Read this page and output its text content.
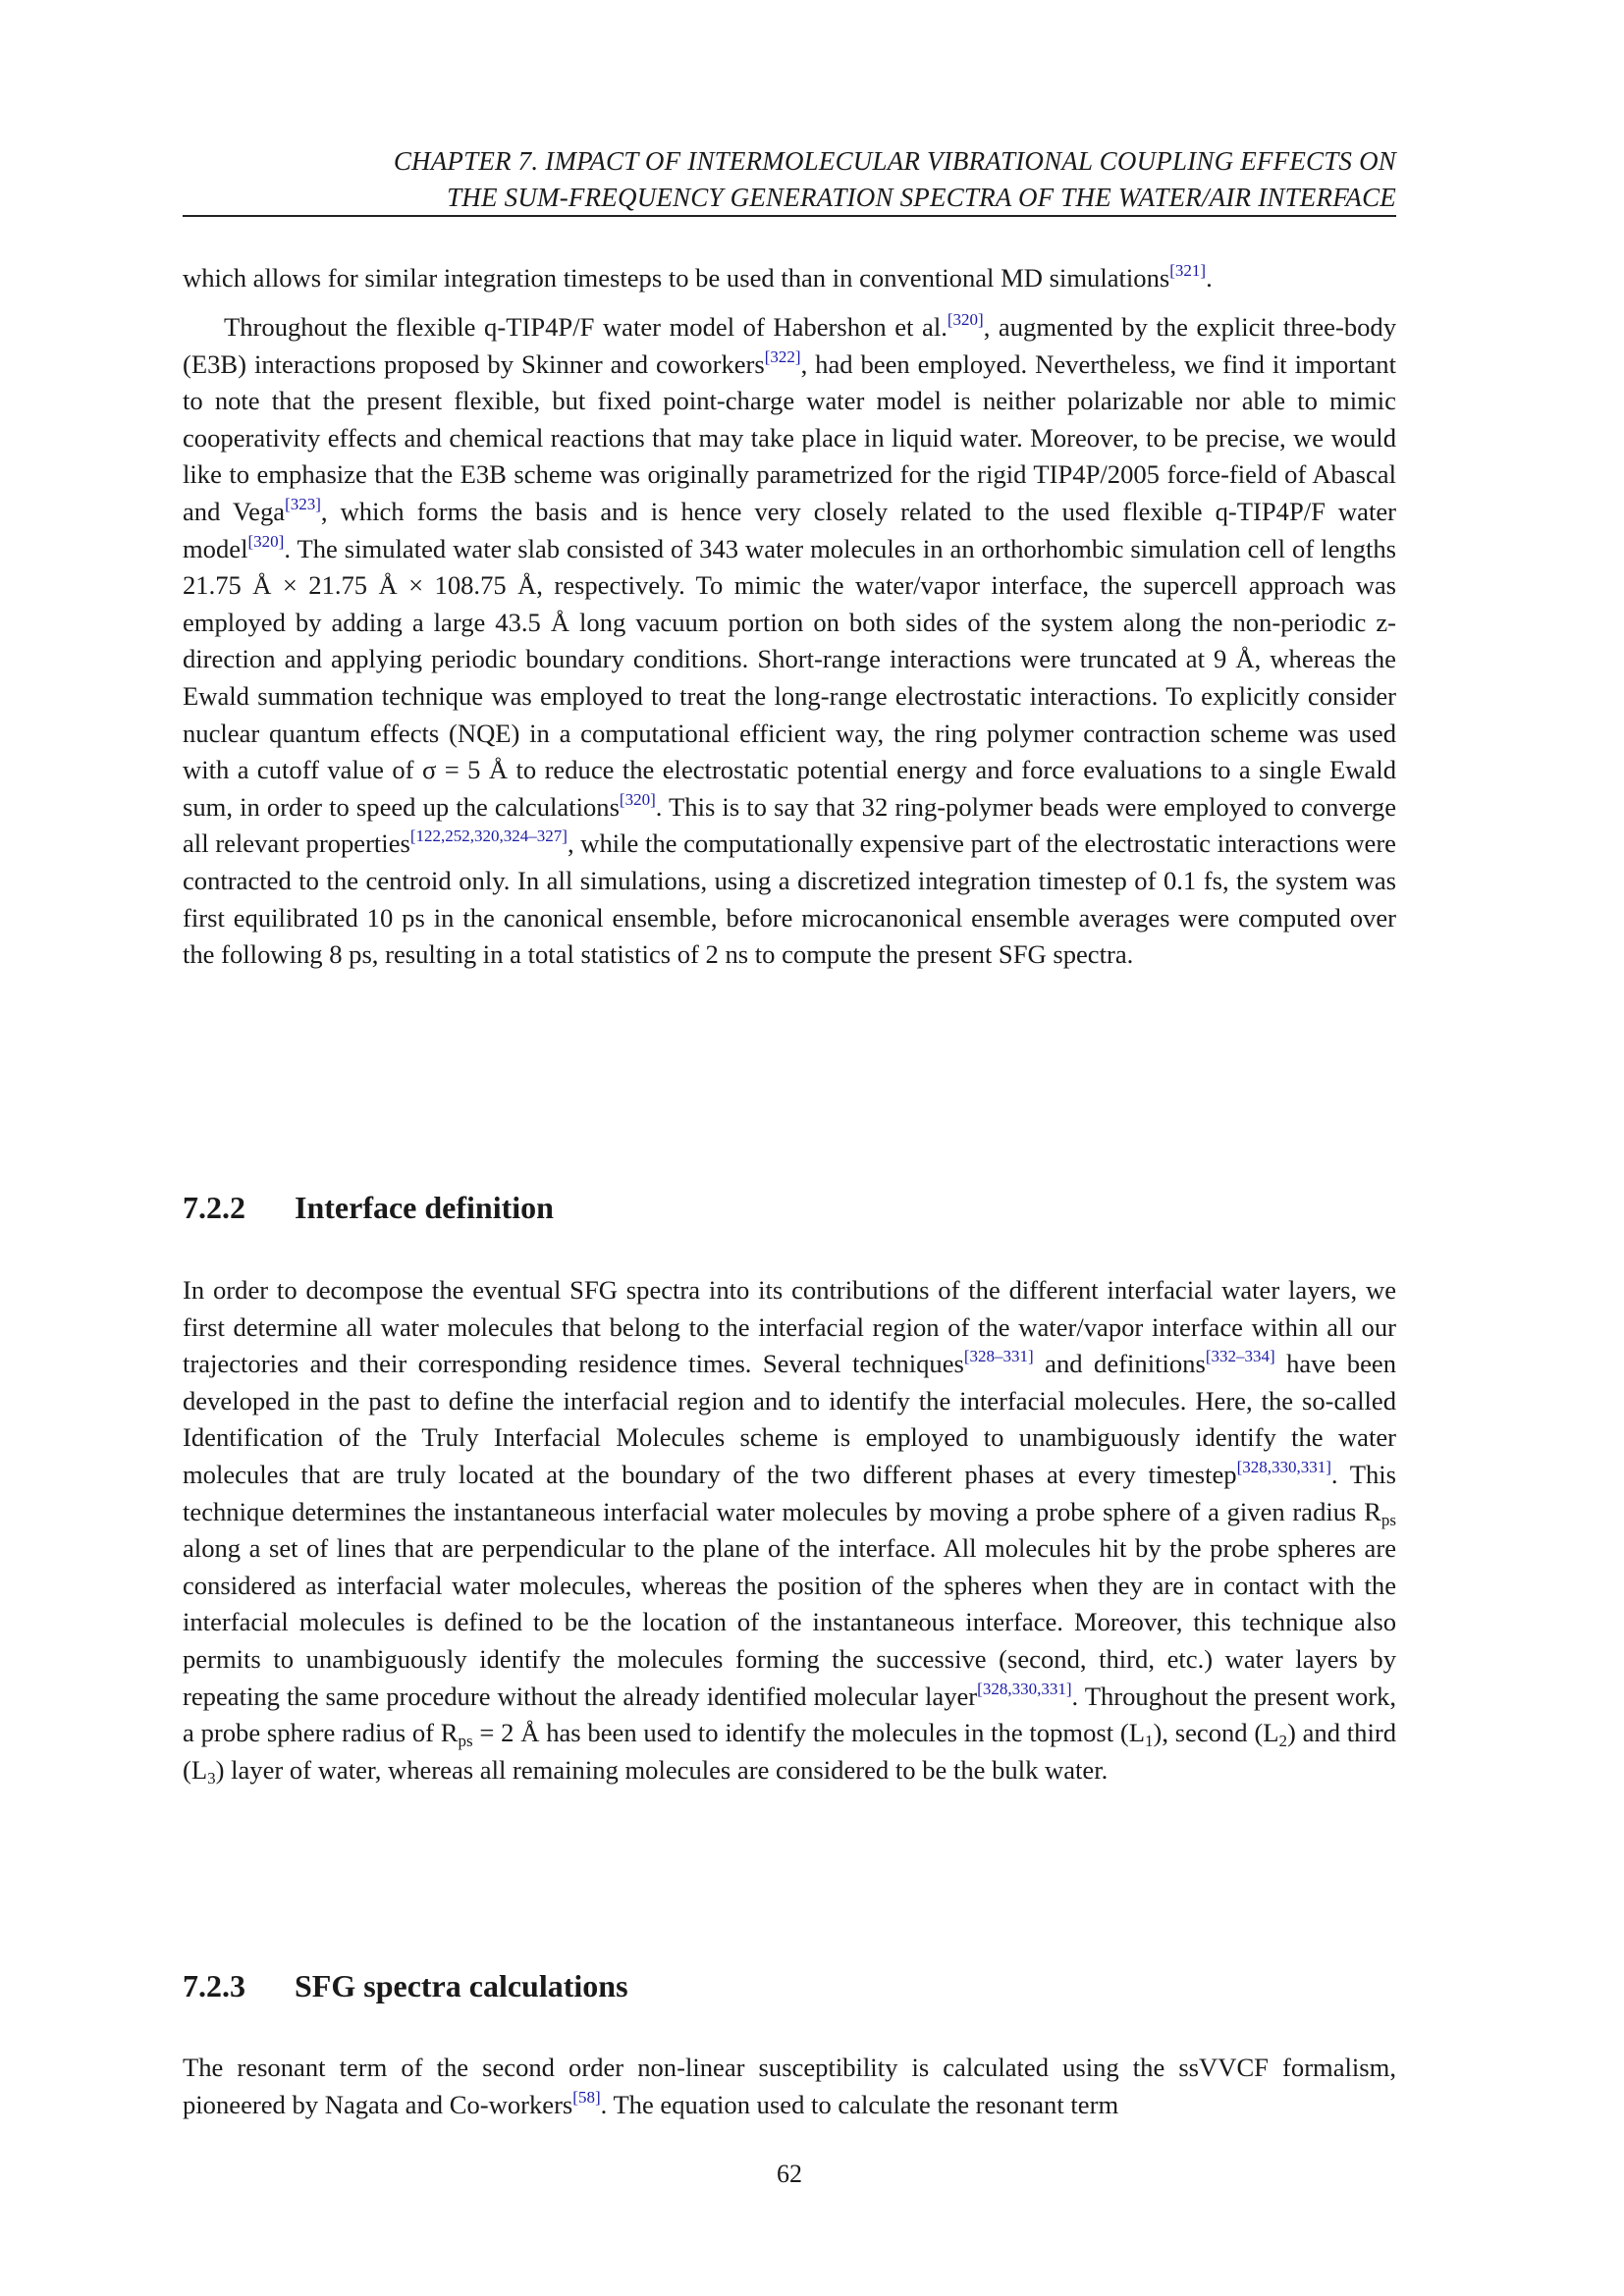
CHAPTER 7. IMPACT OF INTERMOLECULAR VIBRATIONAL COUPLING EFFECTS ON
THE SUM-FREQUENCY GENERATION SPECTRA OF THE WATER/AIR INTERFACE

which allows for similar integration timesteps to be used than in conventional MD simulations[321].

Throughout the flexible q-TIP4P/F water model of Habershon et al.[320], augmented by the explicit three-body (E3B) interactions proposed by Skinner and coworkers[322], had been employed. Nevertheless, we find it important to note that the present flexible, but fixed point-charge water model is neither polarizable nor able to mimic cooperativity effects and chemical reactions that may take place in liquid water. Moreover, to be precise, we would like to emphasize that the E3B scheme was originally parametrized for the rigid TIP4P/2005 force-field of Abascal and Vega[323], which forms the basis and is hence very closely related to the used flexible q-TIP4P/F water model[320]. The simulated water slab consisted of 343 water molecules in an orthorhombic simulation cell of lengths 21.75 Å × 21.75 Å × 108.75 Å, respectively. To mimic the water/vapor interface, the supercell approach was employed by adding a large 43.5 Å long vacuum portion on both sides of the system along the non-periodic z-direction and applying periodic boundary conditions. Short-range interactions were truncated at 9 Å, whereas the Ewald summation technique was employed to treat the long-range electrostatic interactions. To explicitly consider nuclear quantum effects (NQE) in a computational efficient way, the ring polymer contraction scheme was used with a cutoff value of σ = 5 Å to reduce the electrostatic potential energy and force evaluations to a single Ewald sum, in order to speed up the calculations[320]. This is to say that 32 ring-polymer beads were employed to converge all relevant properties[122,252,320,324–327], while the computationally expensive part of the electrostatic interactions were contracted to the centroid only. In all simulations, using a discretized integration timestep of 0.1 fs, the system was first equilibrated 10 ps in the canonical ensemble, before microcanonical ensemble averages were computed over the following 8 ps, resulting in a total statistics of 2 ns to compute the present SFG spectra.

7.2.2 Interface definition

In order to decompose the eventual SFG spectra into its contributions of the different interfacial water layers, we first determine all water molecules that belong to the interfacial region of the water/vapor interface within all our trajectories and their corresponding residence times. Several techniques[328–331] and definitions[332–334] have been developed in the past to define the interfacial region and to identify the interfacial molecules. Here, the so-called Identification of the Truly Interfacial Molecules scheme is employed to unambiguously identify the water molecules that are truly located at the boundary of the two different phases at every timestep[328,330,331]. This technique determines the instantaneous interfacial water molecules by moving a probe sphere of a given radius $R_{ps}$ along a set of lines that are perpendicular to the plane of the interface. All molecules hit by the probe spheres are considered as interfacial water molecules, whereas the position of the spheres when they are in contact with the interfacial molecules is defined to be the location of the instantaneous interface. Moreover, this technique also permits to unambiguously identify the molecules forming the successive (second, third, etc.) water layers by repeating the same procedure without the already identified molecular layer[328,330,331]. Throughout the present work, a probe sphere radius of $R_{ps} = 2$ Å has been used to identify the molecules in the topmost $(L_1)$, second $(L_2)$ and third $(L_3)$ layer of water, whereas all remaining molecules are considered to be the bulk water.

7.2.3 SFG spectra calculations

The resonant term of the second order non-linear susceptibility is calculated using the ssVVCF formalism, pioneered by Nagata and Co-workers[58]. The equation used to calculate the resonant term

62
